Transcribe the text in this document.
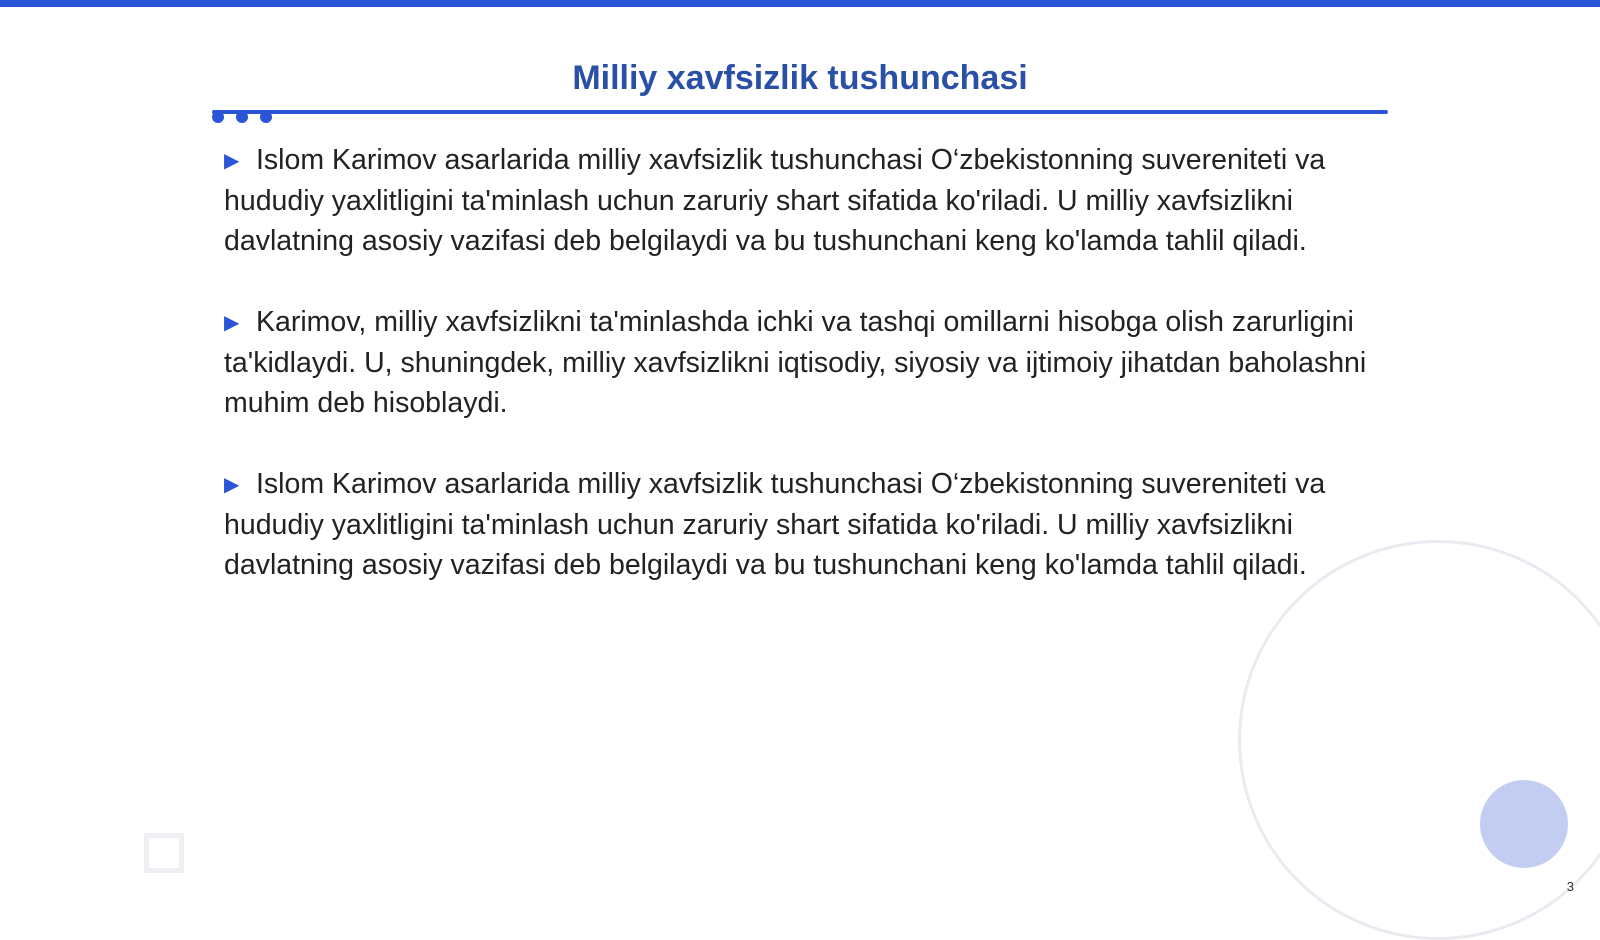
Milliy xavfsizlik tushunchasi

▶ Islom Karimov asarlarida milliy xavfsizlik tushunchasi O‘zbekistonning suvereniteti va hududiy yaxlitligini ta'minlash uchun zaruriy shart sifatida ko'riladi. U milliy xavfsizlikni davlatning asosiy vazifasi deb belgilaydi va bu tushunchani keng ko'lamda tahlil qiladi.

▶ Karimov, milliy xavfsizlikni ta'minlashda ichki va tashqi omillarni hisobga olish zarurligini ta'kidlaydi. U, shuningdek, milliy xavfsizlikni iqtisodiy, siyosiy va ijtimoiy jihatdan baholashni muhim deb hisoblaydi.

▶ Islom Karimov asarlarida milliy xavfsizlik tushunchasi O‘zbekistonning suvereniteti va hududiy yaxlitligini ta'minlash uchun zaruriy shart sifatida ko'riladi. U milliy xavfsizlikni davlatning asosiy vazifasi deb belgilaydi va bu tushunchani keng ko'lamda tahlil qiladi.

3
